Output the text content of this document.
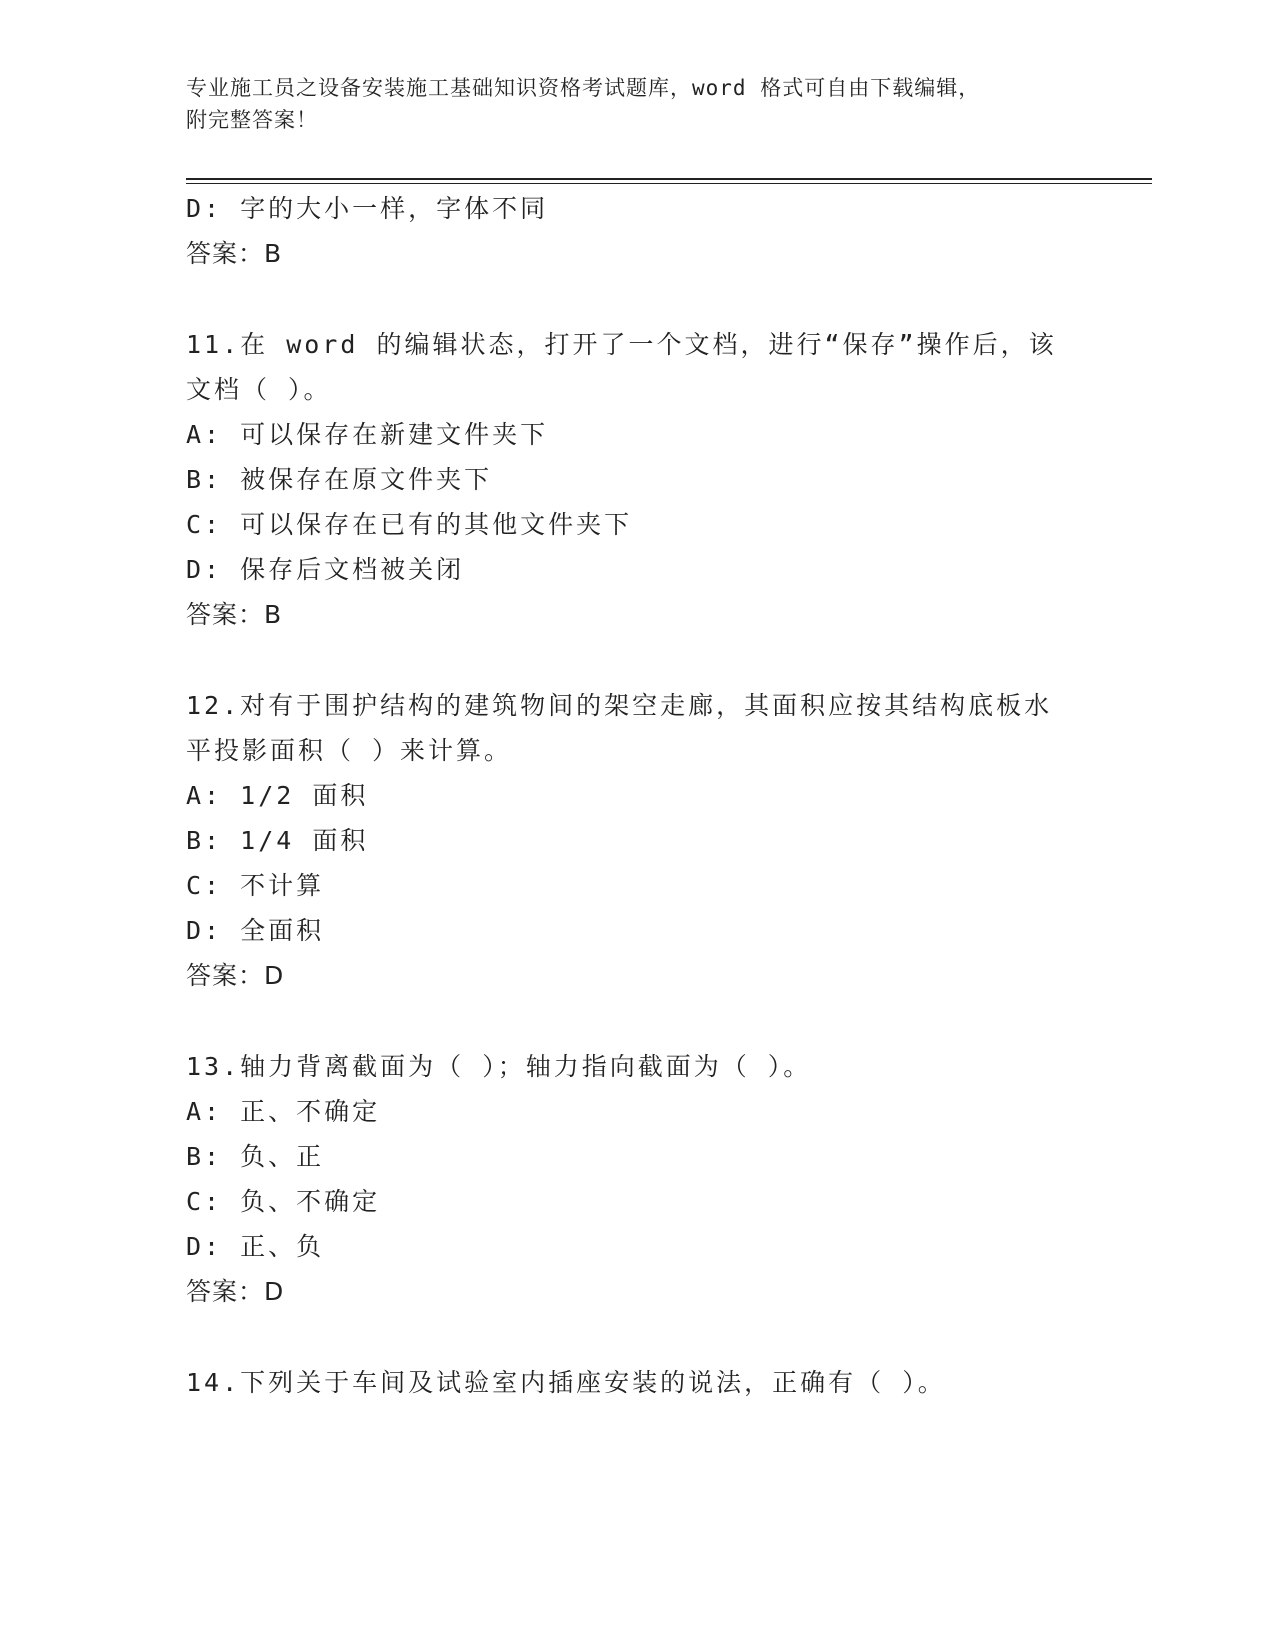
专业施工员之设备安装施工基础知识资格考试题库，word 格式可自由下载编辑，
附完整答案！
D: 字的大小一样，字体不同
答案：B
11.在 word 的编辑状态，打开了一个文档，进行“保存”操作后，该
文档（ ）。
A: 可以保存在新建文件夹下
B: 被保存在原文件夹下
C: 可以保存在已有的其他文件夹下
D: 保存后文档被关闭
答案：B
12.对有于围护结构的建筑物间的架空走廊，其面积应按其结构底板水
平投影面积（ ）来计算。
A: 1/2 面积
B: 1/4 面积
C: 不计算
D: 全面积
答案：D
13.轴力背离截面为（ ）；轴力指向截面为（ ）。
A: 正、不确定
B: 负、正
C: 负、不确定
D: 正、负
答案：D
14.下列关于车间及试验室内插座安装的说法，正确有（ ）。
